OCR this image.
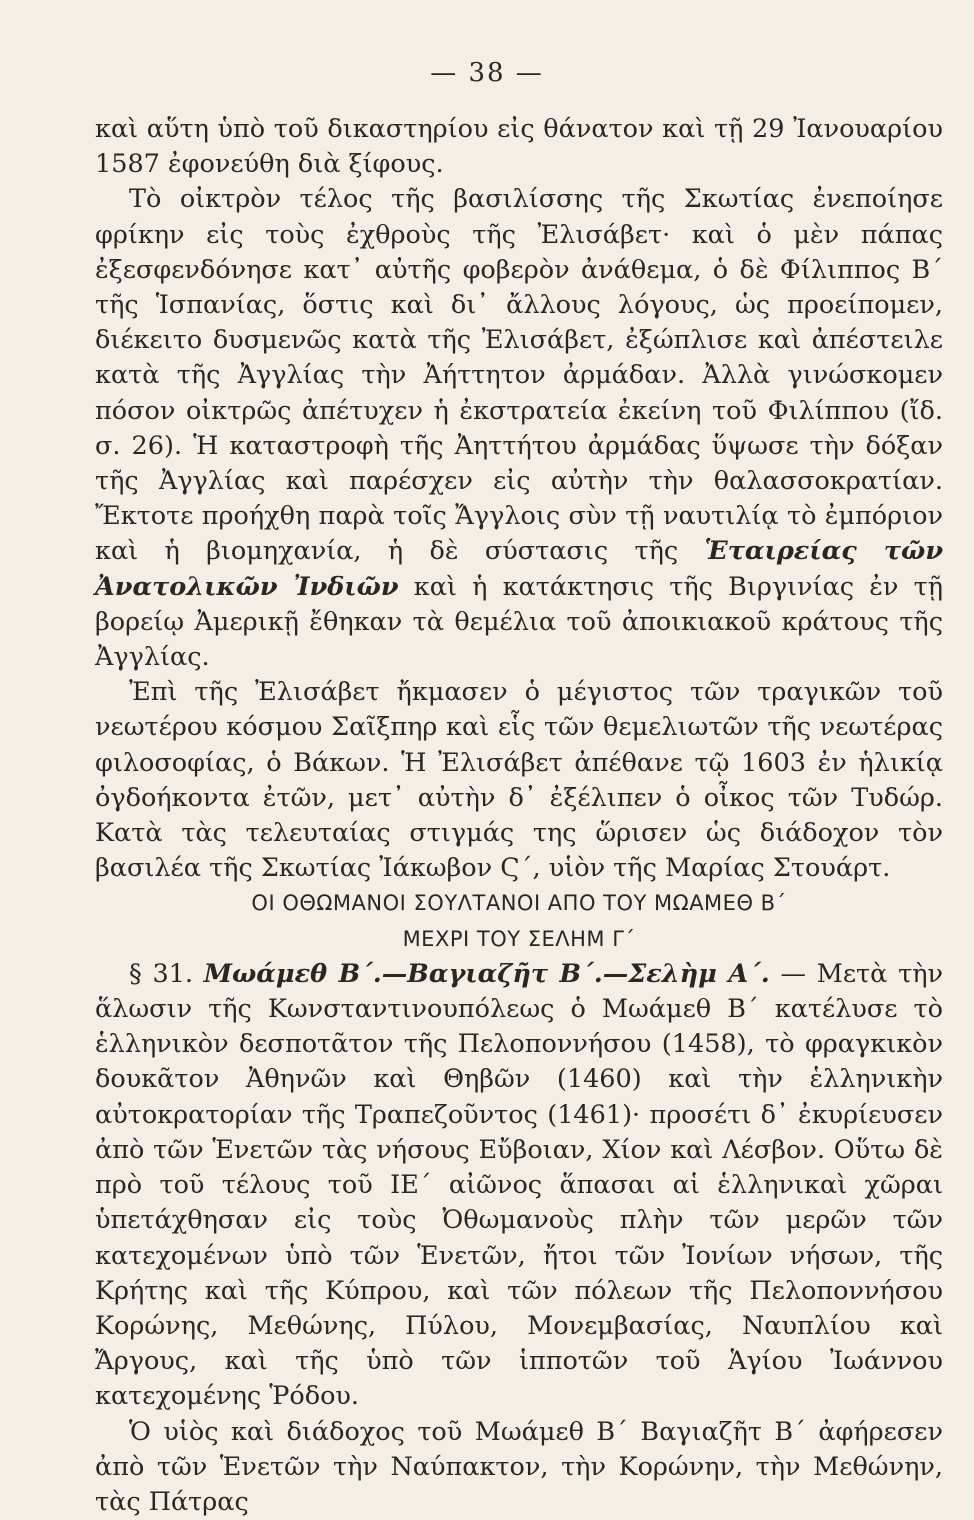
— 38 —

καὶ αὕτη ὑπὸ τοῦ δικαστηρίου εἰς θάνατον καὶ τῇ 29 Ἰανουαρίου 1587 ἐφονεύθη διὰ ξίφους.

Τὸ οἰκτρὸν τέλος τῆς βασιλίσσης τῆς Σκωτίας ἐνεποίησε φρίκην εἰς τοὺς ἐχθροὺς τῆς Ἐλισάβετ· καὶ ὁ μὲν πάπας ἐξεσφενδόνησε κατ᾽ αὐτῆς φοβερὸν ἀνάθεμα, ὁ δὲ Φίλιππος Β΄ τῆς Ἱσπανίας, ὅστις καὶ δι᾽ ἄλλους λόγους, ὡς προείπομεν, διέκειτο δυσμενῶς κατὰ τῆς Ἐλισάβετ, ἐξώπλισε καὶ ἀπέστειλε κατὰ τῆς Ἀγγλίας τὴν Ἀήττητον ἀρμάδαν. Ἀλλὰ γινώσκομεν πόσον οἰκτρῶς ἀπέτυχεν ἡ ἐκστρατεία ἐκείνη τοῦ Φιλίππου (ἴδ. σ. 26). Ἡ καταστροφὴ τῆς Ἀηττήτου ἀρμάδας ὕψωσε τὴν δόξαν τῆς Ἀγγλίας καὶ παρέσχεν εἰς αὐτὴν τὴν θαλασσοκρατίαν. Ἔκτοτε προήχθη παρὰ τοῖς Ἄγγλοις σὺν τῇ ναυτιλίᾳ τὸ ἐμπόριον καὶ ἡ βιομηχανία, ἡ δὲ σύστασις τῆς Ἑταιρείας τῶν Ἀνατολικῶν Ἰνδιῶν καὶ ἡ κατάκτησις τῆς Βιργινίας ἐν τῇ βορείῳ Ἀμερικῇ ἔθηκαν τὰ θεμέλια τοῦ ἀποικιακοῦ κράτους τῆς Ἀγγλίας.

Ἐπὶ τῆς Ἐλισάβετ ἤκμασεν ὁ μέγιστος τῶν τραγικῶν τοῦ νεωτέρου κόσμου Σαῖξπηρ καὶ εἷς τῶν θεμελιωτῶν τῆς νεωτέρας φιλοσοφίας, ὁ Βάκων. Ἡ Ἐλισάβετ ἀπέθανε τῷ 1603 ἐν ἡλικίᾳ ὀγδοήκοντα ἐτῶν, μετ᾽ αὐτὴν δ᾽ ἐξέλιπεν ὁ οἶκος τῶν Τυδώρ. Κατὰ τὰς τελευταίας στιγμάς της ὥρισεν ὡς διάδοχον τὸν βασιλέα τῆς Σκωτίας Ἰάκωβον Ϛ΄, υἱὸν τῆς Μαρίας Στουάρτ.

ΟΙ ΟΘΩΜΑΝΟΙ ΣΟΥΛΤΑΝΟΙ ΑΠΟ ΤΟΥ ΜΩΑΜΕΘ Β΄
ΜΕΧΡΙ ΤΟΥ ΣΕΛΗΜ Γ΄

§ 31. Μωάμεθ Β΄.—Βαγιαζῆτ Β΄.—Σελὴμ Α΄. — Μετὰ τὴν ἅλωσιν τῆς Κωνσταντινουπόλεως ὁ Μωάμεθ Β΄ κατέλυσε τὸ ἑλληνικὸν δεσποτᾶτον τῆς Πελοποννήσου (1458), τὸ φραγκικὸν δουκᾶτον Ἀθηνῶν καὶ Θηβῶν (1460) καὶ τὴν ἑλληνικὴν αὐτοκρατορίαν τῆς Τραπεζοῦντος (1461)· προσέτι δ᾽ ἐκυρίευσεν ἀπὸ τῶν Ἑνετῶν τὰς νήσους Εὔβοιαν, Χίον καὶ Λέσβον. Οὕτω δὲ πρὸ τοῦ τέλους τοῦ ΙΕ΄ αἰῶνος ἅπασαι αἱ ἑλληνικαὶ χῶραι ὑπετάχθησαν εἰς τοὺς Ὀθωμανοὺς πλὴν τῶν μερῶν τῶν κατεχομένων ὑπὸ τῶν Ἑνετῶν, ἤτοι τῶν Ἰονίων νήσων, τῆς Κρήτης καὶ τῆς Κύπρου, καὶ τῶν πόλεων τῆς Πελοποννήσου Κορώνης, Μεθώνης, Πύλου, Μονεμβασίας, Ναυπλίου καὶ Ἄργους, καὶ τῆς ὑπὸ τῶν ἱπποτῶν τοῦ Ἁγίου Ἰωάννου κατεχομένης Ῥόδου.

Ὁ υἱὸς καὶ διάδοχος τοῦ Μωάμεθ Β΄ Βαγιαζῆτ Β΄ ἀφήρεσεν ἀπὸ τῶν Ἑνετῶν τὴν Ναύπακτον, τὴν Κορώνην, τὴν Μεθώνην, τὰς Πάτρας
